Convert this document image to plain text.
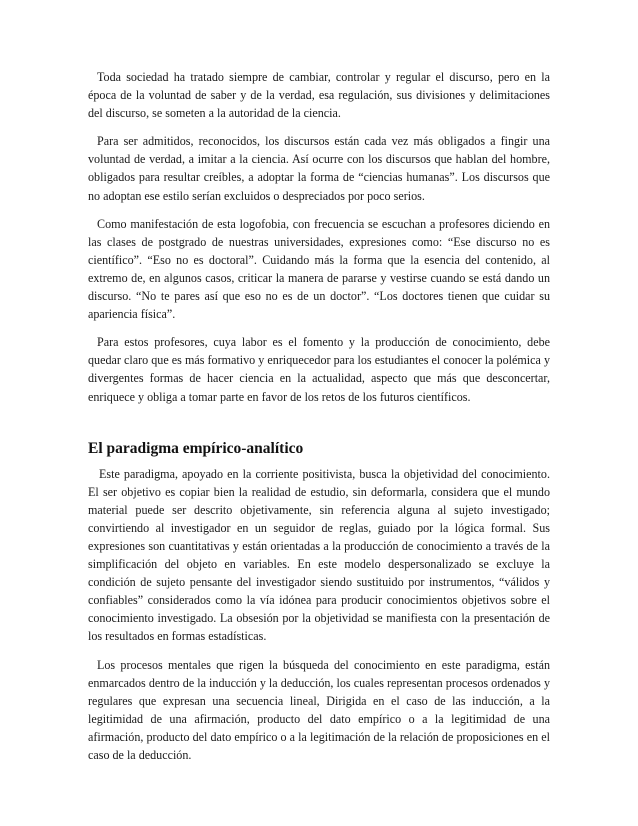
Toda sociedad ha tratado siempre de cambiar, controlar y regular el discurso, pero en la época de la voluntad de saber y de la verdad, esa regulación, sus divisiones y delimitaciones del discurso, se someten a la autoridad de la ciencia.

Para ser admitidos, reconocidos, los discursos están cada vez más obligados a fingir una voluntad de verdad, a imitar a la ciencia. Así ocurre con los discursos que hablan del hombre, obligados para resultar creíbles, a adoptar la forma de “ciencias humanas”. Los discursos que no adoptan ese estilo serían excluidos o despreciados por poco serios.

Como manifestación de esta logofobia, con frecuencia se escuchan a profesores diciendo en las clases de postgrado de nuestras universidades, expresiones como: “Ese discurso no es científico”. “Eso no es doctoral”. Cuidando más la forma que la esencia del contenido, al extremo de, en algunos casos, criticar la manera de pararse y vestirse cuando se está dando un discurso. “No te pares así que eso no es de un doctor”. “Los doctores tienen que cuidar su apariencia física”.

Para estos profesores, cuya labor es el fomento y la producción de conocimiento, debe quedar claro que es más formativo y enriquecedor para los estudiantes el conocer la polémica y divergentes formas de hacer ciencia en la actualidad, aspecto que más que desconcertar, enriquece y obliga a tomar parte en favor de los retos de los futuros científicos.

El paradigma empírico-analítico

Este paradigma, apoyado en la corriente positivista, busca la objetividad del conocimiento. El ser objetivo es copiar bien la realidad de estudio, sin deformarla, considera que el mundo material puede ser descrito objetivamente, sin referencia alguna al sujeto investigado; convirtiendo al investigador en un seguidor de reglas, guiado por la lógica formal. Sus expresiones son cuantitativas y están orientadas a la producción de conocimiento a través de la simplificación del objeto en variables. En este modelo despersonalizado se excluye la condición de sujeto pensante del investigador siendo sustituido por instrumentos, “válidos y confiables” considerados como la vía idónea para producir conocimientos objetivos sobre el conocimiento investigado. La obsesión por la objetividad se manifiesta con la presentación de los resultados en formas estadísticas.

Los procesos mentales que rigen la búsqueda del conocimiento en este paradigma, están enmarcados dentro de la inducción y la deducción, los cuales representan procesos ordenados y regulares que expresan una secuencia lineal, Dirigida en el caso de las inducción, a la legitimidad de una afirmación, producto del dato empírico o a la legitimidad de una afirmación, producto del dato empírico o a la legitimación de la relación de proposiciones en el caso de la deducción.
